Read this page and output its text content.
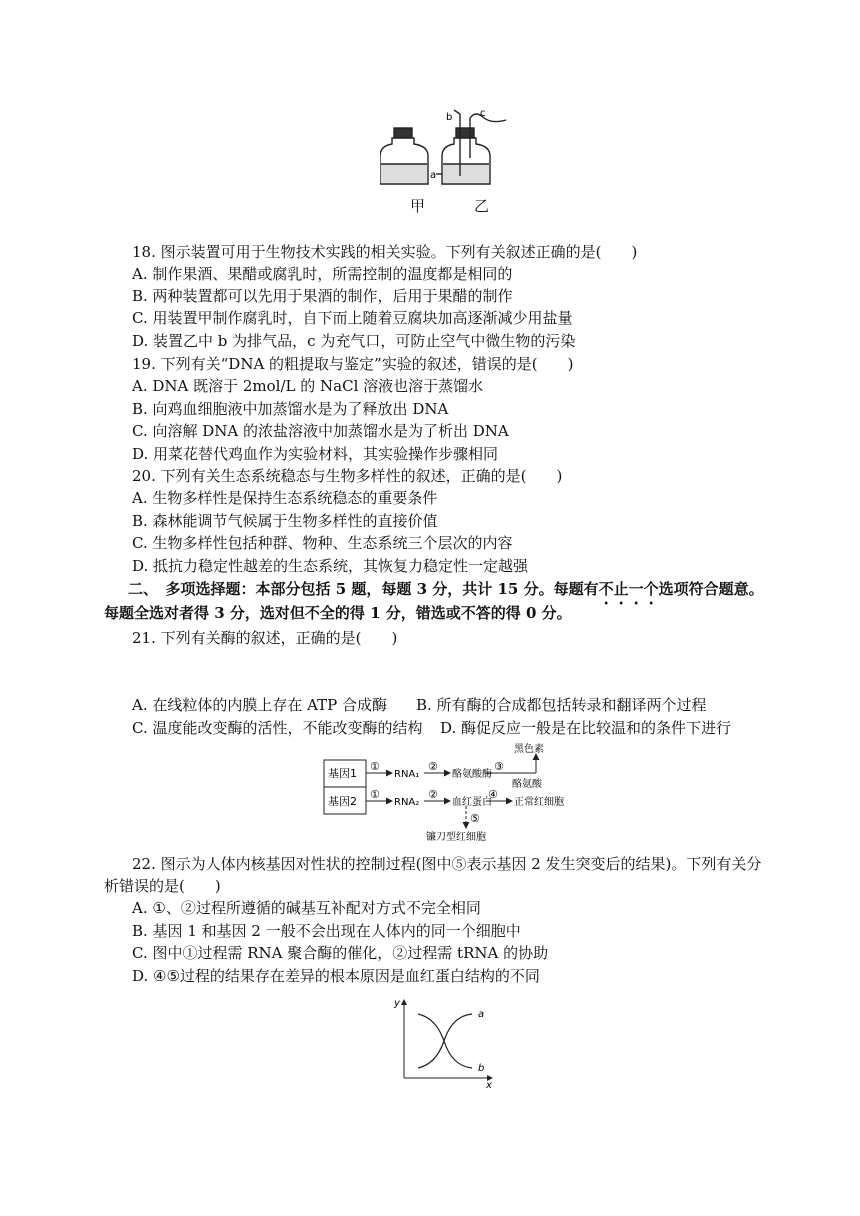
a
b	c
甲	乙
18. 图示装置可用于生物技术实践的相关实验。下列有关叙述正确的是(　　)
A. 制作果酒、果醋或腐乳时，所需控制的温度都是相同的
B. 两种装置都可以先用于果酒的制作，后用于果醋的制作
C. 用装置甲制作腐乳时，自下而上随着豆腐块加高逐渐减少用盐量
D. 装置乙中 b 为排气品，c 为充气口，可防止空气中微生物的污染
19. 下列有关“DNA 的粗提取与鉴定”实验的叙述，错误的是(　　)
A. DNA 既溶于 2mol/L 的 NaCl 溶液也溶于蒸馏水
B. 向鸡血细胞液中加蒸馏水是为了释放出 DNA
C. 向溶解 DNA 的浓盐溶液中加蒸馏水是为了析出 DNA
D. 用菜花替代鸡血作为实验材料，其实验操作步骤相同
20. 下列有关生态系统稳态与生物多样性的叙述，正确的是(　　)
A. 生物多样性是保持生态系统稳态的重要条件
B. 森林能调节气候属于生物多样性的直接价值
C. 生物多样性包括种群、物种、生态系统三个层次的内容
D. 抵抗力稳定性越差的生态系统，其恢复力稳定性一定越强
二、　多项选择题：本部分包括 5 题，每题 3 分，共计 15 分。每题有不止一个选项符合题意。
每题全选对者得 3 分，选对但不全的得 1 分，错选或不答的得 0 分。
21. 下列有关酶的叙述，正确的是(　　)
A. 在线粒体的内膜上存在 ATP 合成酶 B. 所有酶的合成都包括转录和翻译两个过程
C. 温度能改变酶的活性，不能改变酶的结构 D. 酶促反应一般是在比较温和的条件下进行
基因1
基因2
①
①
RNA₁
RNA₂
②
②
酪氨酸酶
③
黑色素
酪氨酸
血红蛋白
④
正常红细胞
⑤
镰刀型红细胞
22. 图示为人体内核基因对性状的控制过程(图中⑤表示基因 2 发生突变后的结果)。下列有关分
析错误的是(　　)
A. ①、②过程所遵循的碱基互补配对方式不完全相同
B. 基因 1 和基因 2 一般不会出现在人体内的同一个细胞中
C. 图中①过程需 RNA 聚合酶的催化，②过程需 tRNA 的协助
D. ④⑤过程的结果存在差异的根本原因是血红蛋白结构的不同
y
x
a
b
